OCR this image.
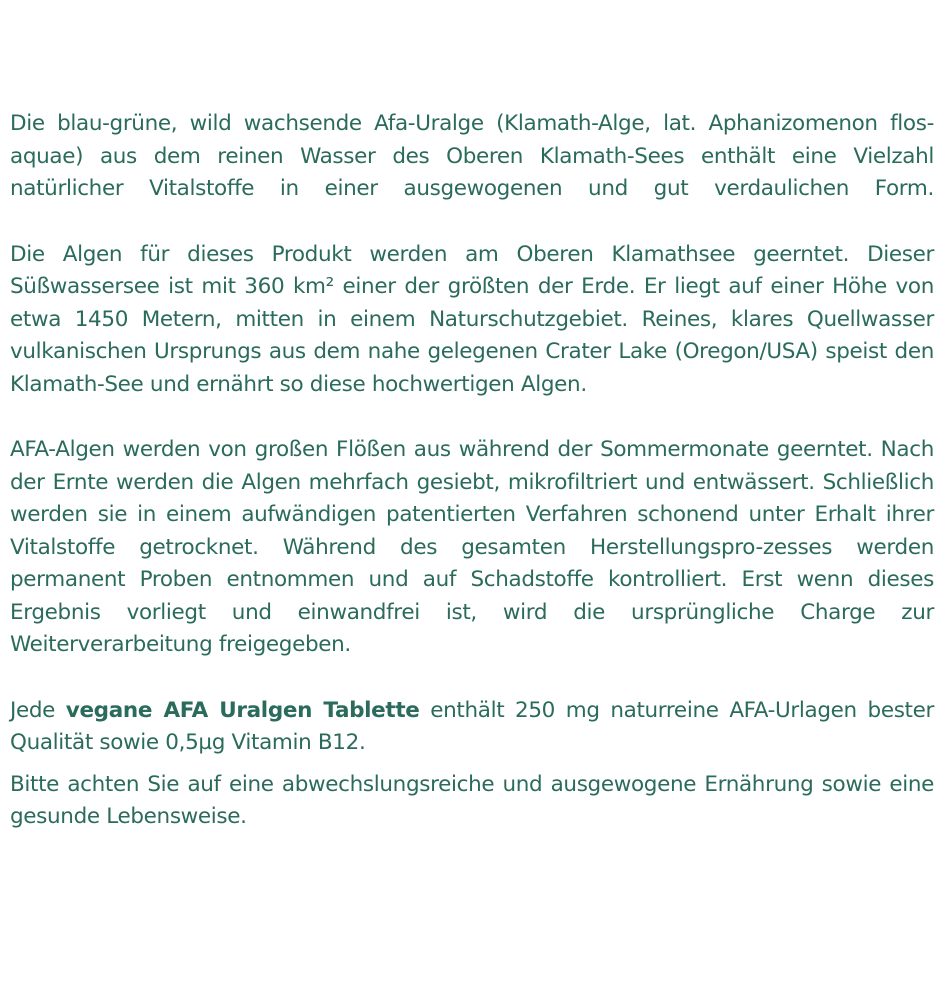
Die blau-grüne, wild wachsende Afa-Uralge (Klamath-Alge, lat. Aphanizomenon flos-aquae) aus dem reinen Wasser des Oberen Klamath-Sees enthält eine Vielzahl natürlicher Vitalstoffe in einer ausgewogenen und gut verdaulichen Form.

Die Algen für dieses Produkt werden am Oberen Klamathsee geerntet. Dieser Süßwassersee ist mit 360 km² einer der größten der Erde. Er liegt auf einer Höhe von etwa 1450 Metern, mitten in einem Naturschutzgebiet. Reines, klares Quellwasser vulkanischen Ursprungs aus dem nahe gelegenen Crater Lake (Oregon/USA) speist den Klamath-See und ernährt so diese hochwertigen Algen.

AFA-Algen werden von großen Flößen aus während der Sommermonate geerntet. Nach der Ernte werden die Algen mehrfach gesiebt, mikrofiltriert und entwässert. Schließlich werden sie in einem aufwändigen patentierten Verfahren schonend unter Erhalt ihrer Vitalstoffe getrocknet. Während des gesamten Herstellungspro-zesses werden permanent Proben entnommen und auf Schadstoffe kontrolliert. Erst wenn dieses Ergebnis vorliegt und einwandfrei ist, wird die ursprüngliche Charge zur Weiterverarbeitung freigegeben.

Jede vegane AFA Uralgen Tablette enthält 250 mg naturreine AFA-Urlagen bester Qualität sowie 0,5µg Vitamin B12.

Bitte achten Sie auf eine abwechslungsreiche und ausgewogene Ernährung sowie eine gesunde Lebensweise.
